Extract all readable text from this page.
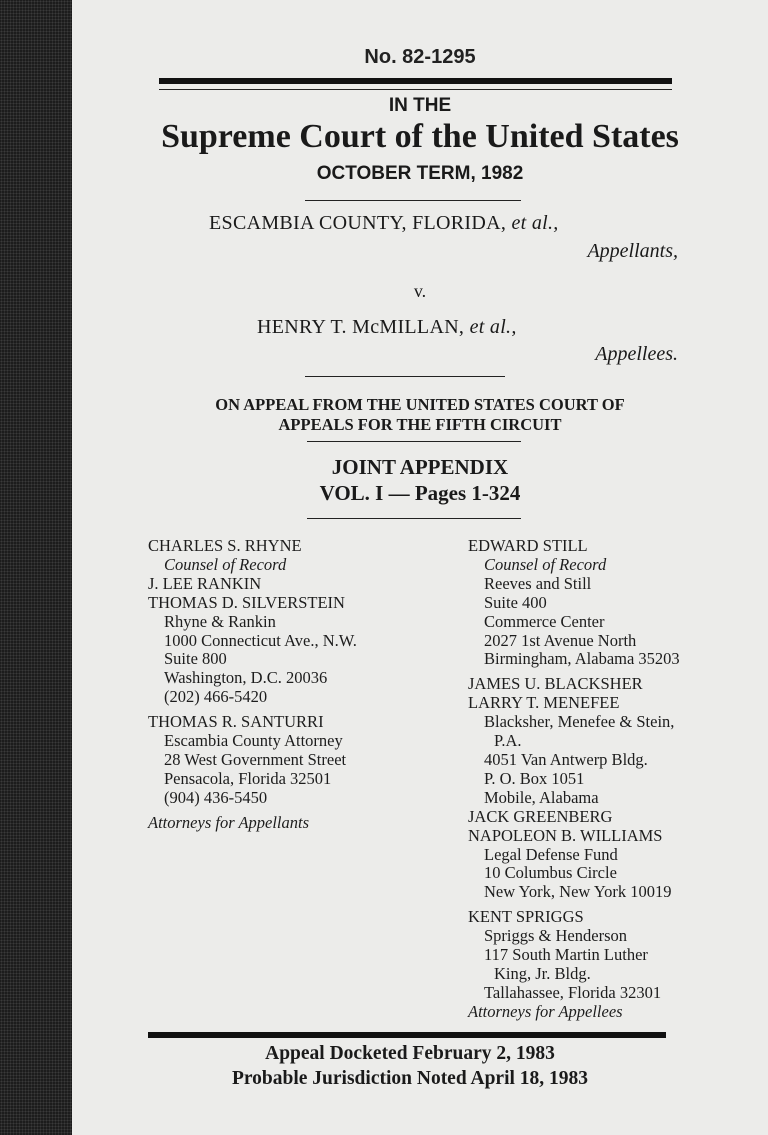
No. 82-1295
IN THE
Supreme Court of the United States
OCTOBER TERM, 1982
ESCAMBIA COUNTY, FLORIDA, et al.,
Appellants,
v.
HENRY T. McMILLAN, et al.,
Appellees.
ON APPEAL FROM THE UNITED STATES COURT OF
APPEALS FOR THE FIFTH CIRCUIT
JOINT APPENDIX
VOL. I — Pages 1-324
CHARLES S. RHYNE
Counsel of Record
J. LEE RANKIN
THOMAS D. SILVERSTEIN
Rhyne & Rankin
1000 Connecticut Ave., N.W.
Suite 800
Washington, D.C. 20036
(202) 466-5420
THOMAS R. SANTURRI
Escambia County Attorney
28 West Government Street
Pensacola, Florida 32501
(904) 436-5450
Attorneys for Appellants
EDWARD STILL
Counsel of Record
Reeves and Still
Suite 400
Commerce Center
2027 1st Avenue North
Birmingham, Alabama 35203
JAMES U. BLACKSHER
LARRY T. MENEFEE
Blacksher, Menefee & Stein,
P.A.
4051 Van Antwerp Bldg.
P. O. Box 1051
Mobile, Alabama
JACK GREENBERG
NAPOLEON B. WILLIAMS
Legal Defense Fund
10 Columbus Circle
New York, New York 10019
KENT SPRIGGS
Spriggs & Henderson
117 South Martin Luther
King, Jr. Bldg.
Tallahassee, Florida 32301
Attorneys for Appellees
Appeal Docketed February 2, 1983
Probable Jurisdiction Noted April 18, 1983
